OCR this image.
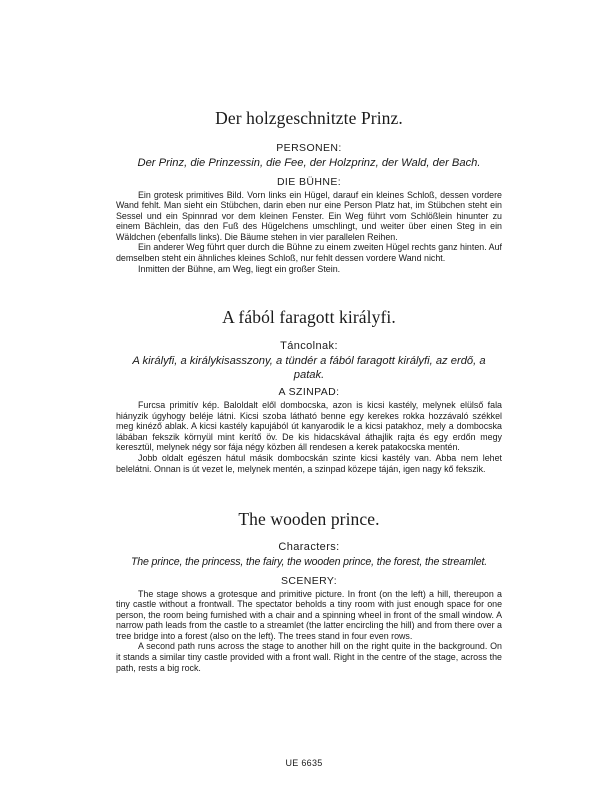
Der holzgeschnitzte Prinz.
PERSONEN:
Der Prinz, die Prinzessin, die Fee, der Holzprinz, der Wald, der Bach.
DIE BÜHNE:

Ein grotesk primitives Bild. Vorn links ein Hügel, darauf ein kleines Schloß, dessen vordere Wand fehlt. Man sieht ein Stübchen, darin eben nur eine Person Platz hat, im Stübchen steht ein Sessel und ein Spinnrad vor dem kleinen Fenster. Ein Weg führt vom Schlößlein hinunter zu einem Bächlein, das den Fuß des Hügelchens umschlingt, und weiter über einen Steg in ein Wäldchen (ebenfalls links). Die Bäume stehen in vier parallelen Reihen.

Ein anderer Weg führt quer durch die Bühne zu einem zweiten Hügel rechts ganz hinten. Auf demselben steht ein ähnliches kleines Schloß, nur fehlt dessen vordere Wand nicht.

Inmitten der Bühne, am Weg, liegt ein großer Stein.

A fából faragott királyfi.
Táncolnak:
A királyfi, a királykisasszony, a tündér a fából faragott királyfi, az erdő, a patak.
A SZINPAD:

Furcsa primitív kép. Baloldalt elől dombocska, azon is kicsi kastély, melynek elülső fala hiányzik úgyhogy beléje látni. Kicsi szoba látható benne egy kerekes rokka hozzávaló székkel meg kinéző ablak. A kicsi kastély kapujából út kanyarodik le a kicsi patakhoz, mely a dombocska lábában fekszik környül mint kerítő öv. De kis hidacskával áthajlik rajta és egy erdőn megy keresztül, melynek négy sor fája négy közben áll rendesen a kerek patakocska mentén.

Jobb oldalt egészen hátul másik dombocskán szinte kicsi kastély van. Abba nem lehet belelátni. Onnan is út vezet le, melynek mentén, a szinpad közepe táján, igen nagy kő fekszik.

The wooden prince.
Characters:
The prince, the princess, the fairy, the wooden prince, the forest, the streamlet.
SCENERY:

The stage shows a grotesque and primitive picture. In front (on the left) a hill, thereupon a tiny castle without a frontwall. The spectator beholds a tiny room with just enough space for one person, the room being furnished with a chair and a spinning wheel in front of the small window. A narrow path leads from the castle to a streamlet (the latter encircling the hill) and from there over a tree bridge into a forest (also on the left). The trees stand in four even rows.

A second path runs across the stage to another hill on the right quite in the background. On it stands a similar tiny castle provided with a front wall. Right in the centre of the stage, across the path, rests a big rock.

UE 6635
